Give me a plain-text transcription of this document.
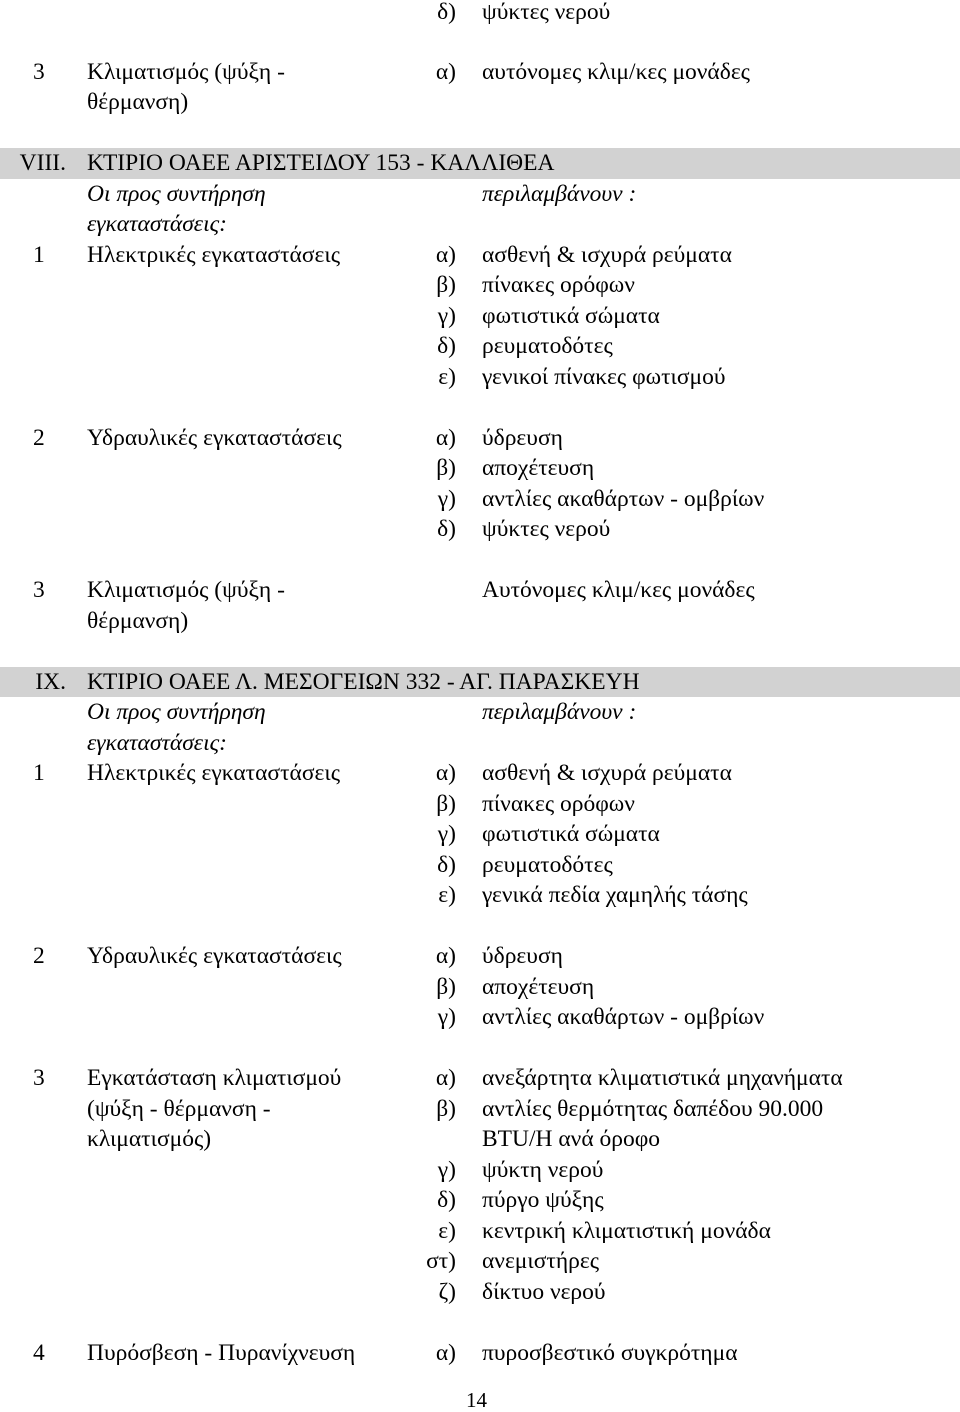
δ) ψύκτες νερού
3 Κλιματισμός (ψύξη -	α) αυτόνομες κλιμ/κες μονάδες
θέρμανση)
VIII. ΚΤΙΡΙΟ ΟΑΕΕ ΑΡΙΣΤΕΙΔΟΥ 153 - ΚΑΛΛΙΘΕΑ
Οι προς συντήρηση	περιλαμβάνουν :
εγκαταστάσεις:
1 Ηλεκτρικές εγκαταστάσεις	α) ασθενή & ισχυρά ρεύματα
β) πίνακες ορόφων
γ) φωτιστικά σώματα
δ) ρευματοδότες
ε) γενικοί πίνακες φωτισμού
2 Υδραυλικές εγκαταστάσεις	α) ύδρευση
β) αποχέτευση
γ) αντλίες ακαθάρτων - ομβρίων
δ) ψύκτες νερού
3 Κλιματισμός (ψύξη -	Αυτόνομες κλιμ/κες μονάδες
θέρμανση)
IX. ΚΤΙΡΙΟ ΟΑΕΕ Λ. ΜΕΣΟΓΕΙΩΝ 332 - ΑΓ. ΠΑΡΑΣΚΕΥΗ
Οι προς συντήρηση	περιλαμβάνουν :
εγκαταστάσεις:
1 Ηλεκτρικές εγκαταστάσεις	α) ασθενή & ισχυρά ρεύματα
β) πίνακες ορόφων
γ) φωτιστικά σώματα
δ) ρευματοδότες
ε) γενικά πεδία χαμηλής τάσης
2 Υδραυλικές εγκαταστάσεις	α) ύδρευση
β) αποχέτευση
γ) αντλίες ακαθάρτων - ομβρίων
3 Εγκατάσταση κλιματισμού	α) ανεξάρτητα κλιματιστικά μηχανήματα
(ψύξη - θέρμανση -	β) αντλίες θερμότητας δαπέδου 90.000
κλιματισμός)	BTU/H ανά όροφο
γ) ψύκτη νερού
δ) πύργο ψύξης
ε) κεντρική κλιματιστική μονάδα
στ) ανεμιστήρες
ζ) δίκτυο νερού
4 Πυρόσβεση - Πυρανίχνευση	α) πυροσβεστικό συγκρότημα
14
